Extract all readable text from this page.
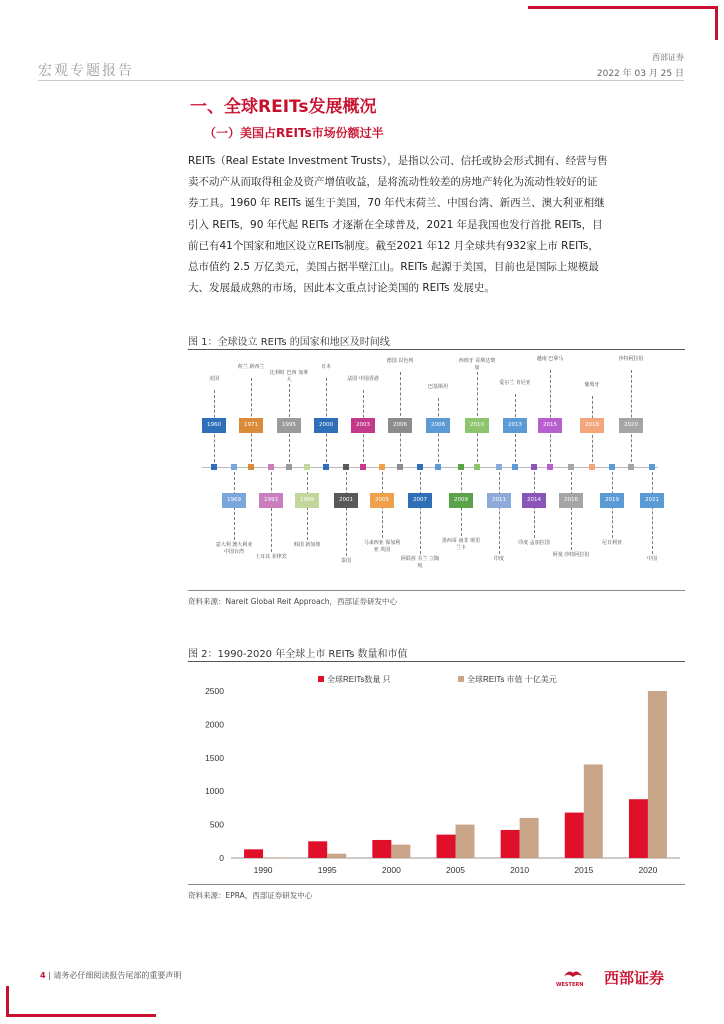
宏观专题报告
西部证券
2022 年 03 月 25 日
一、全球REITs发展概况
（一）美国占REITs市场份额过半
REITs（Real Estate Investment Trusts），是指以公司、信托或协会形式拥有、经营与售
卖不动产从而取得租金及资产增值收益，是将流动性较差的房地产转化为流动性较好的证
券工具。1960 年 REITs 诞生于美国，70 年代末荷兰、中国台湾、新西兰、澳大利亚相继
引入 REITs，90 年代起 REITs 才逐渐在全球普及，2021 年是我国也发行首批 REITs，目
前已有41个国家和地区设立REITs制度。截至2021 年12 月全球共有932家上市 REITs，
总市值约 2.5 万亿美元，美国占据半壁江山。REITs 起源于美国，目前也是国际上规模最
大、发展最成熟的市场，因此本文重点讨论美国的 REITs 发展史。
图 1：全球设立 REITs 的国家和地区及时间线
美国
1960
荷兰 新西兰
1971
比利时 巴西 加拿大
1995
日本
2000
法国 中国香港
2003
德国 以色列
2006
巴基斯坦
2008
西班牙 哥斯达黎加
2010
爱尔兰 肯尼亚
2013
越南 巴拿马
2015
葡萄牙
2018
沙特阿拉伯
2020
1969
意大利 澳大利亚 中国台湾
1993
土耳其 菲律宾
1999
韩国 新加坡
2001
泰国
2005
马来西亚 保加利亚 英国
2007
阿联酋 芬兰 立陶宛
2009
墨西哥 南非 斯里兰卡
2011
印度
2014
印度 孟加拉国
2016
阿曼 沙特阿拉伯
2019
尼日利亚
2021
中国
资料来源：Nareit Global Reit Approach，西部证券研发中心
图 2：1990-2020 年全球上市 REITs 数量和市值
全球REITs数量 只	全球REITs 市值 十亿美元
0
500
1000
1500
2000
2500
1990	1995	2000	2005	2010	2015	2020
资料来源：EPRA，西部证券研发中心
4 | 请务必仔细阅读报告尾部的重要声明
WESTERN 西部证券
